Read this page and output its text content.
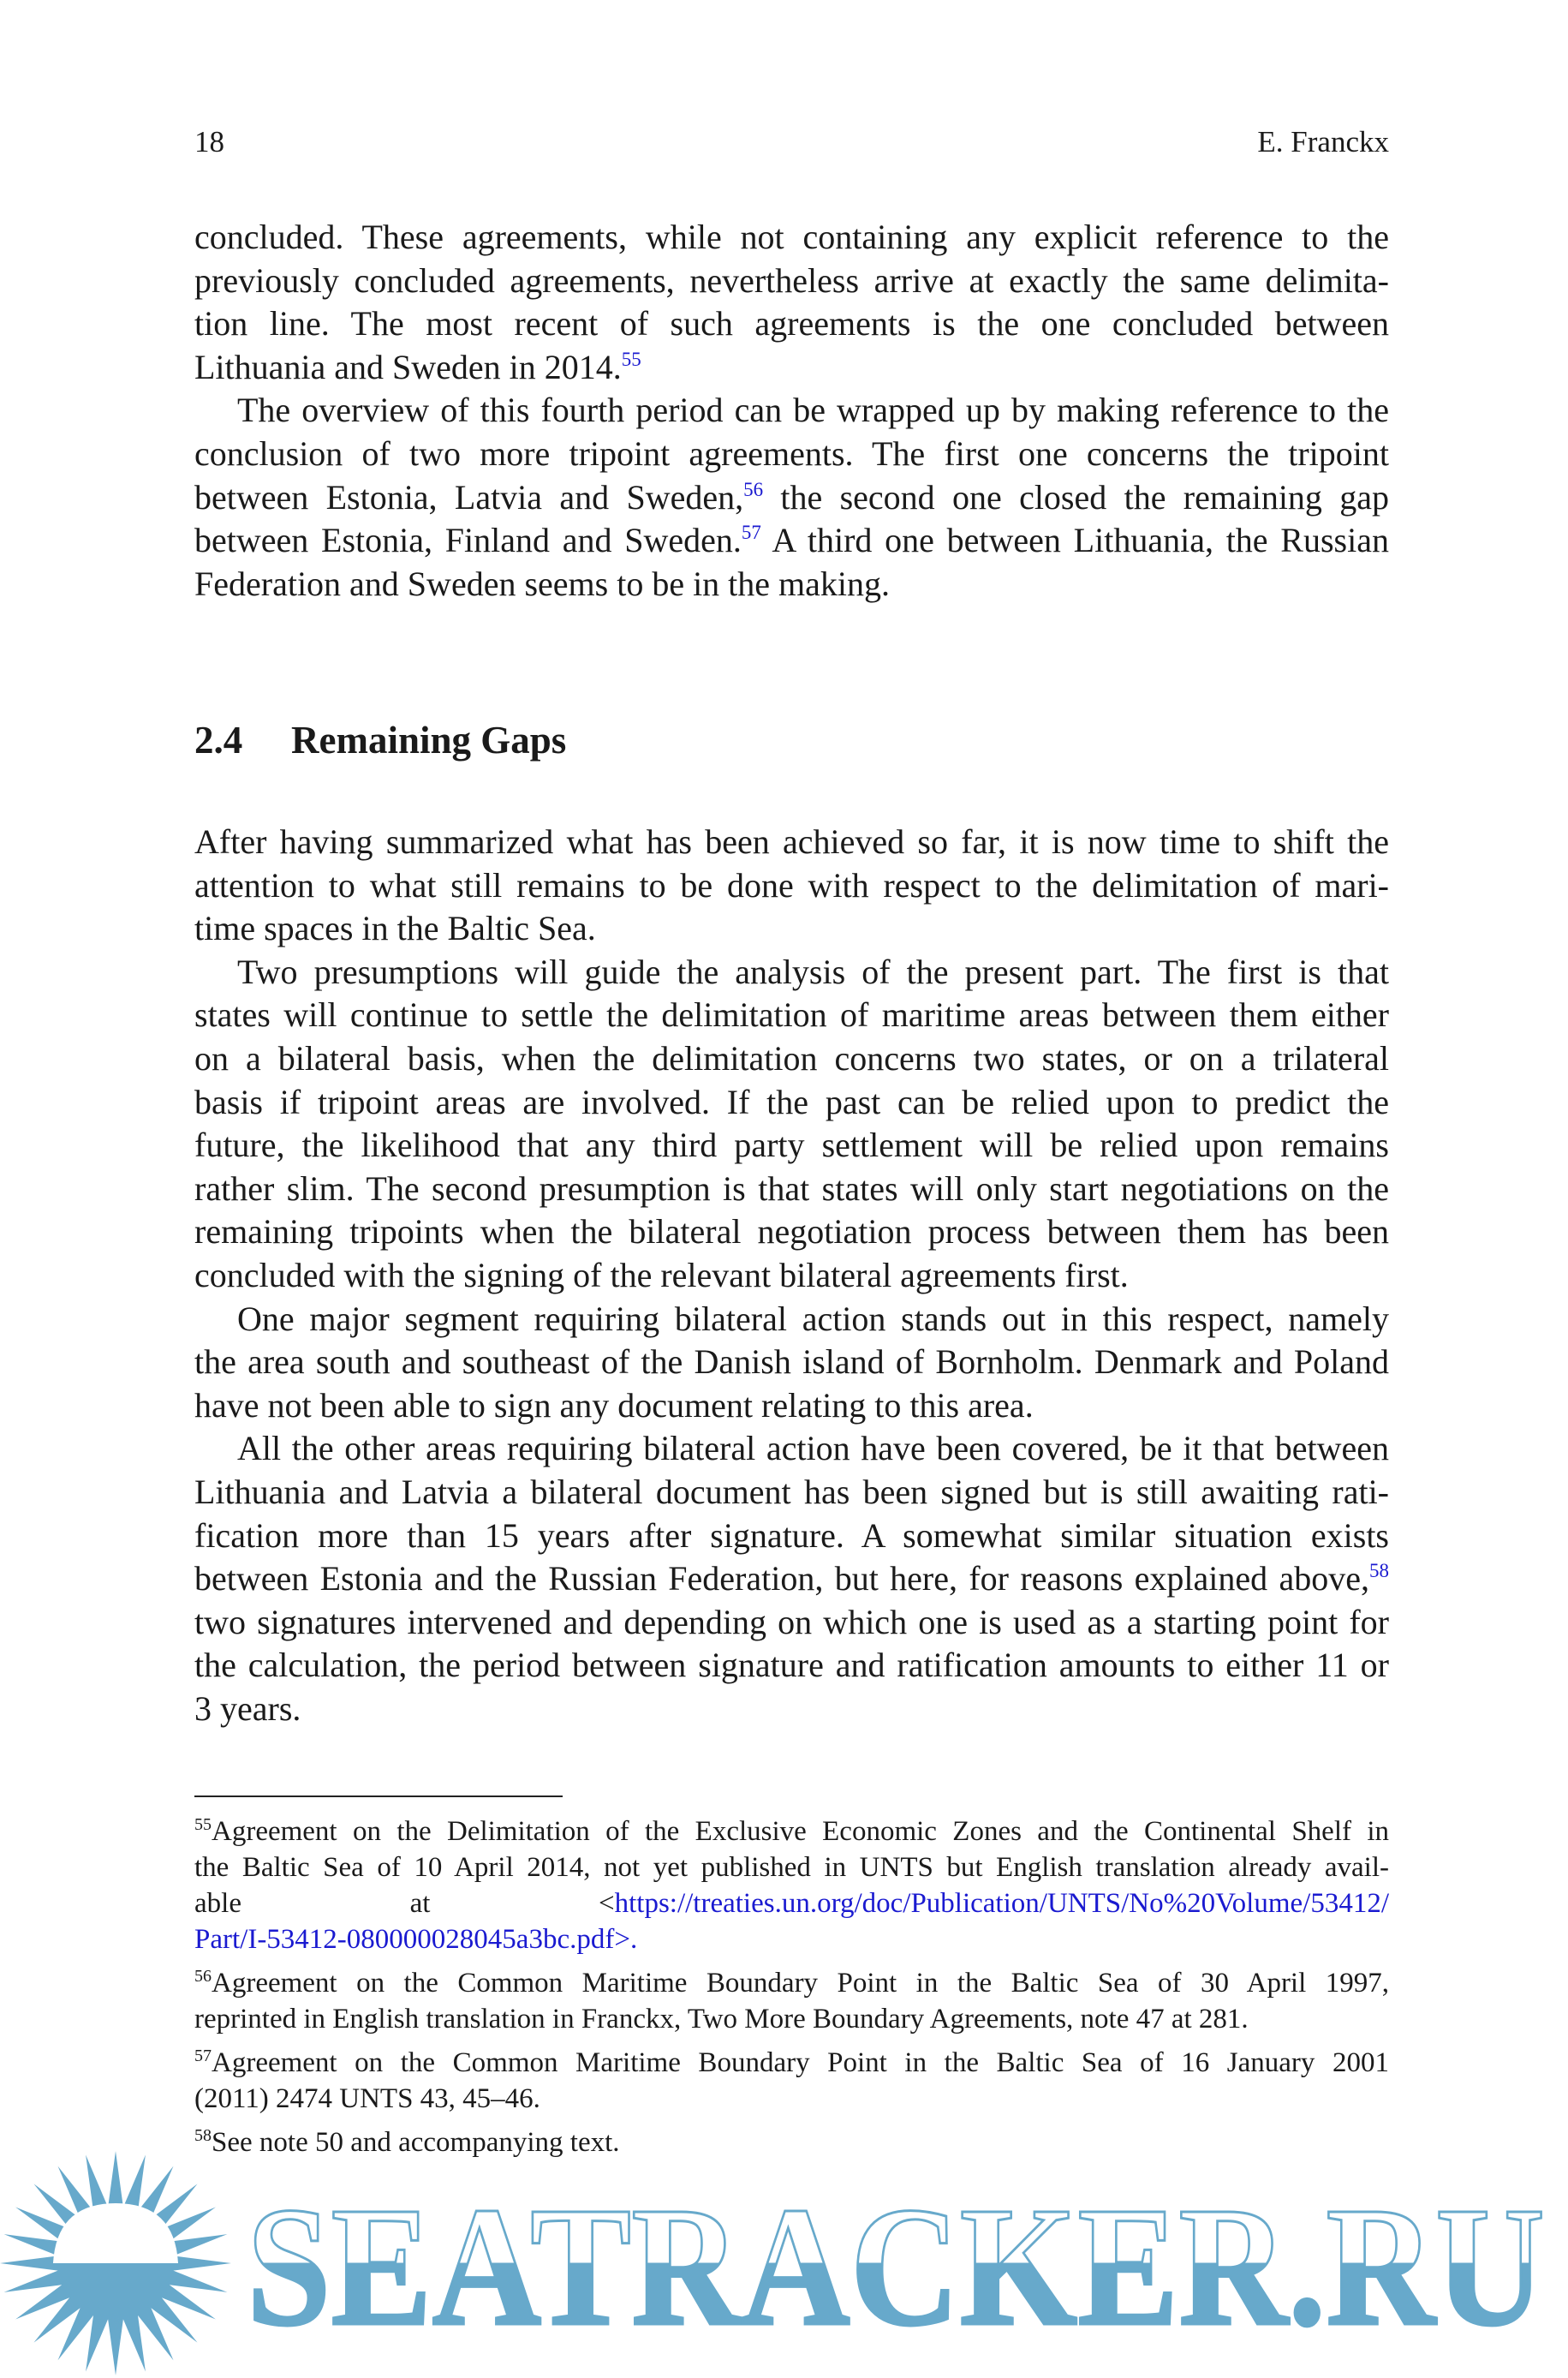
18	E. Franckx
concluded. These agreements, while not containing any explicit reference to the
previously concluded agreements, nevertheless arrive at exactly the same delimita-
tion line. The most recent of such agreements is the one concluded between
Lithuania and Sweden in 2014.55
The overview of this fourth period can be wrapped up by making reference to the
conclusion of two more tripoint agreements. The first one concerns the tripoint
between Estonia, Latvia and Sweden,$^{56}$ the second one closed the remaining gap
between Estonia, Finland and Sweden.$^{57}$ A third one between Lithuania, the Russian
Federation and Sweden seems to be in the making.
2.4 Remaining Gaps
After having summarized what has been achieved so far, it is now time to shift the
attention to what still remains to be done with respect to the delimitation of mari-
time spaces in the Baltic Sea.
Two presumptions will guide the analysis of the present part. The first is that
states will continue to settle the delimitation of maritime areas between them either
on a bilateral basis, when the delimitation concerns two states, or on a trilateral
basis if tripoint areas are involved. If the past can be relied upon to predict the
future, the likelihood that any third party settlement will be relied upon remains
rather slim. The second presumption is that states will only start negotiations on the
remaining tripoints when the bilateral negotiation process between them has been
concluded with the signing of the relevant bilateral agreements first.
One major segment requiring bilateral action stands out in this respect, namely
the area south and southeast of the Danish island of Bornholm. Denmark and Poland
have not been able to sign any document relating to this area.
All the other areas requiring bilateral action have been covered, be it that between
Lithuania and Latvia a bilateral document has been signed but is still awaiting rati-
fication more than 15 years after signature. A somewhat similar situation exists
between Estonia and the Russian Federation, but here, for reasons explained above,$^{58}$
two signatures intervened and depending on which one is used as a starting point for
the calculation, the period between signature and ratification amounts to either 11 or
3 years.
$^{55}$Agreement on the Delimitation of the Exclusive Economic Zones and the Continental Shelf in
the Baltic Sea of 10 April 2014, not yet published in UNTS but English translation already avail-
able at <https://treaties.un.org/doc/Publication/UNTS/No%20Volume/53412/
Part/I-53412-080000028045a3bc.pdf>.
$^{56}$Agreement on the Common Maritime Boundary Point in the Baltic Sea of 30 April 1997,
reprinted in English translation in Franckx, Two More Boundary Agreements, note 47 at 281.
$^{57}$Agreement on the Common Maritime Boundary Point in the Baltic Sea of 16 January 2001
(2011) 2474 UNTS 43, 45–46.
$^{58}$See note 50 and accompanying text.
SEATRACKER.RU
